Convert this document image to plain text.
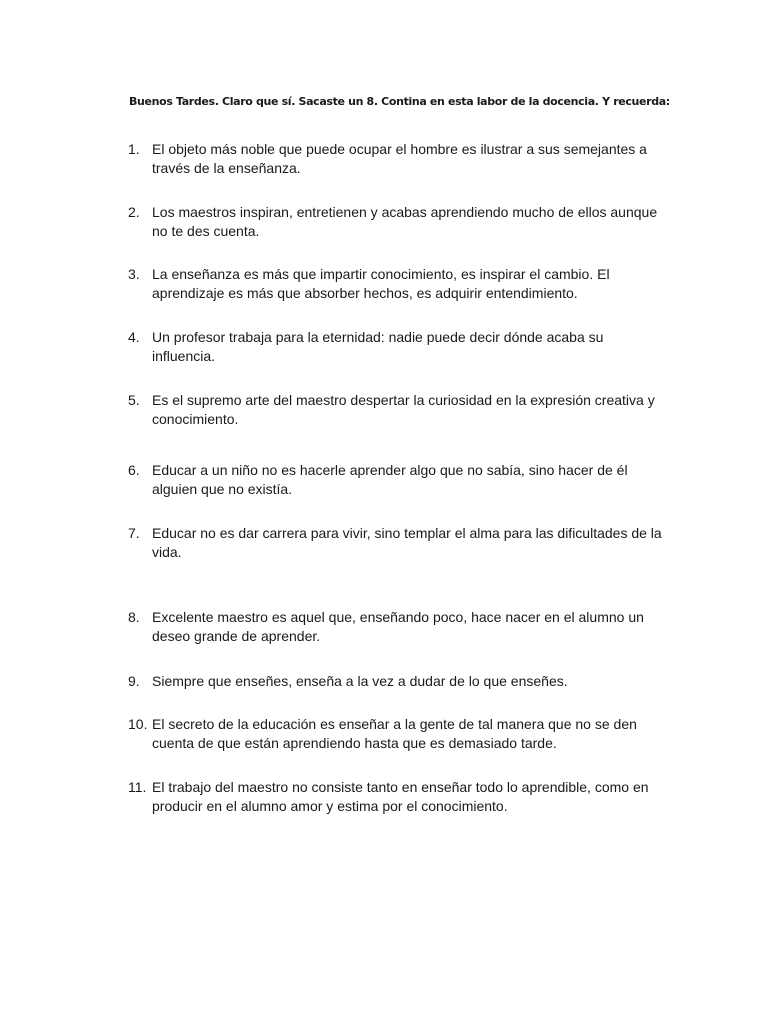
Buenos Tardes. Claro que sí. Sacaste un 8. Contina en esta labor de la docencia. Y recuerda:
1. El objeto más noble que puede ocupar el hombre es ilustrar a sus semejantes a través de la enseñanza.
2. Los maestros inspiran, entretienen y acabas aprendiendo mucho de ellos aunque no te des cuenta.
3. La enseñanza es más que impartir conocimiento, es inspirar el cambio. El aprendizaje es más que absorber hechos, es adquirir entendimiento.
4. Un profesor trabaja para la eternidad: nadie puede decir dónde acaba su influencia.
5. Es el supremo arte del maestro despertar la curiosidad en la expresión creativa y conocimiento.
6. Educar a un niño no es hacerle aprender algo que no sabía, sino hacer de él alguien que no existía.
7. Educar no es dar carrera para vivir, sino templar el alma para las dificultades de la vida.
8. Excelente maestro es aquel que, enseñando poco, hace nacer en el alumno un deseo grande de aprender.
9. Siempre que enseñes, enseña a la vez a dudar de lo que enseñes.
10. El secreto de la educación es enseñar a la gente de tal manera que no se den cuenta de que están aprendiendo hasta que es demasiado tarde.
11. El trabajo del maestro no consiste tanto en enseñar todo lo aprendible, como en producir en el alumno amor y estima por el conocimiento.
